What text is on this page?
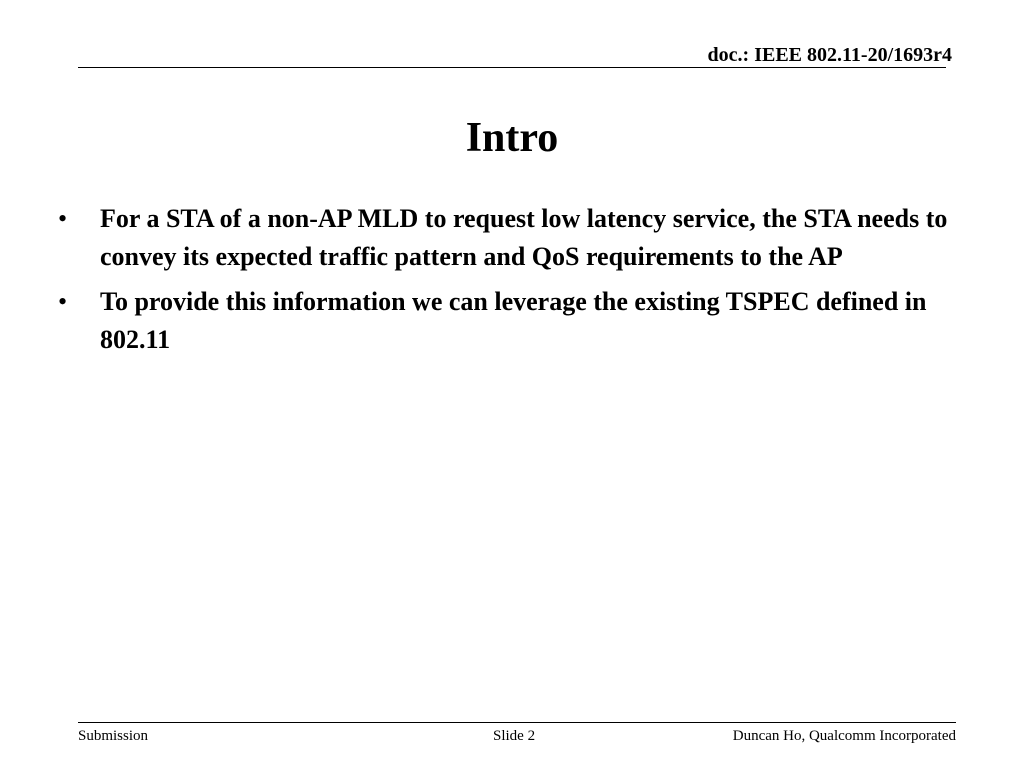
doc.: IEEE 802.11-20/1693r4
Intro
• For a STA of a non-AP MLD to request low latency service, the STA needs to convey its expected traffic pattern and QoS requirements to the AP
• To provide this information we can leverage the existing TSPEC defined in 802.11
Submission	Slide 2	Duncan Ho, Qualcomm Incorporated
